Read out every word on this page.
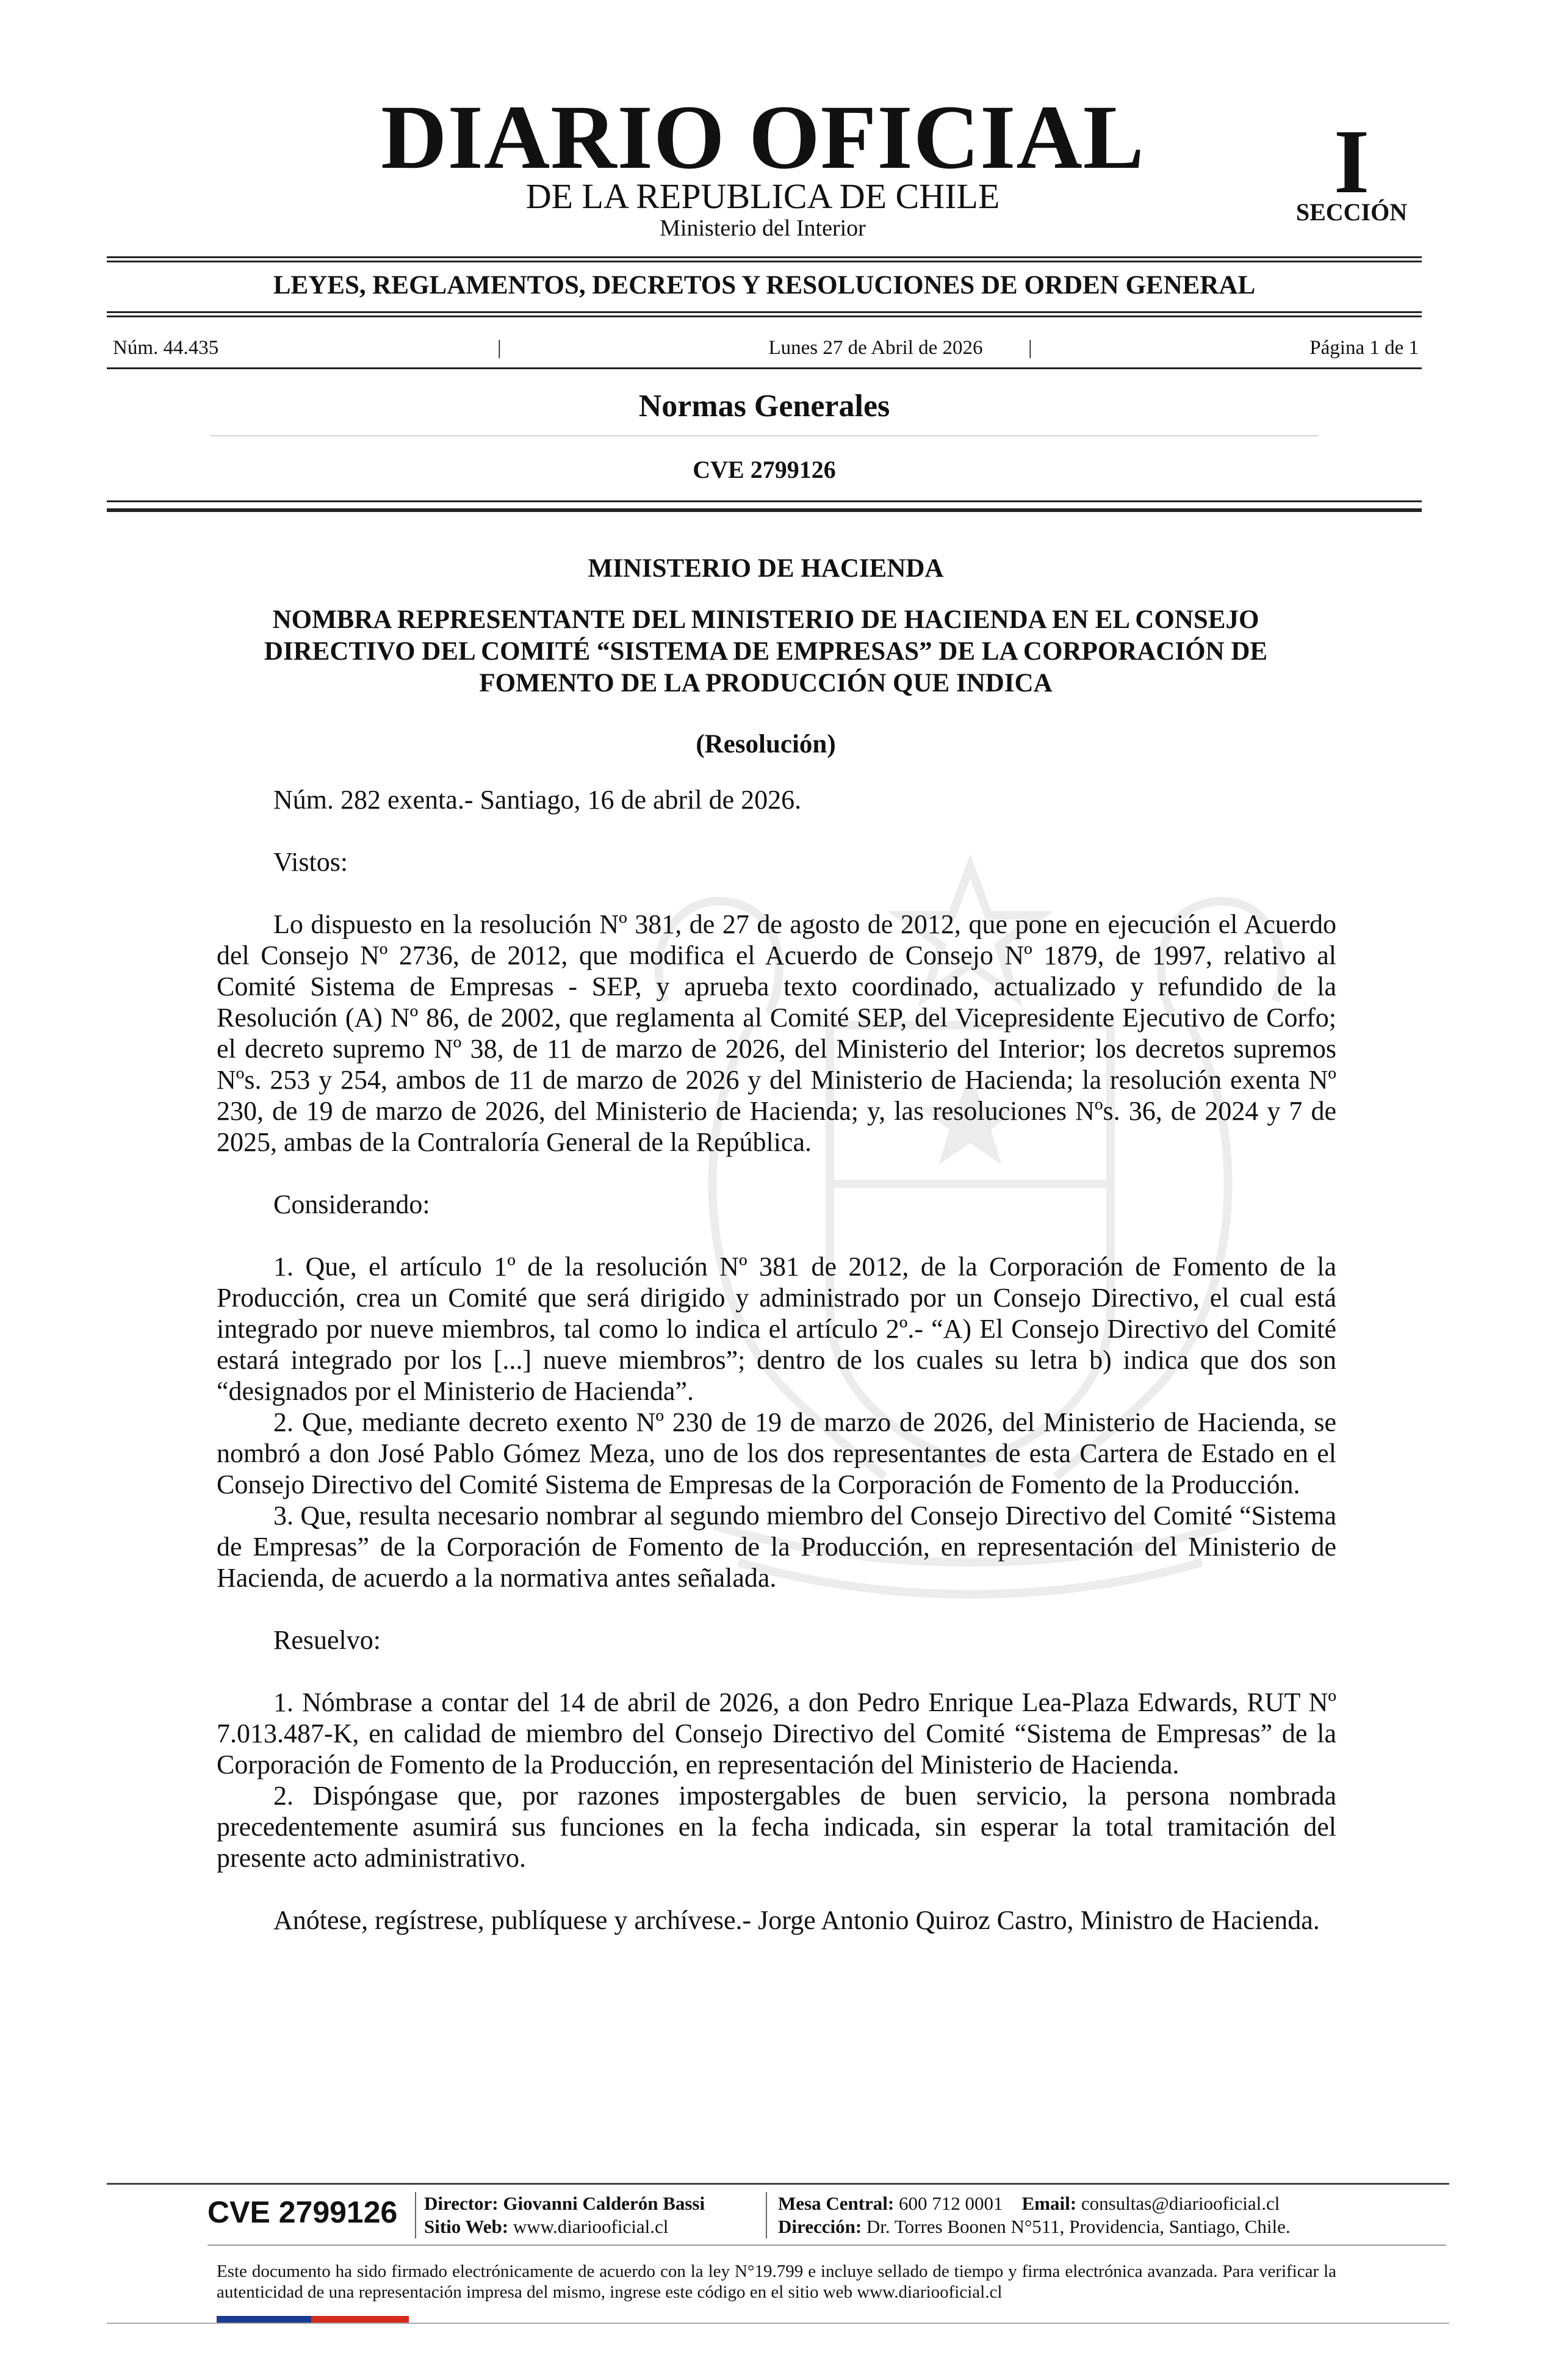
DIARIO OFICIAL
DE LA REPUBLICA DE CHILE
Ministerio del Interior
I
SECCIÓN
LEYES, REGLAMENTOS, DECRETOS Y RESOLUCIONES DE ORDEN GENERAL
Núm. 44.435	|	Lunes 27 de Abril de 2026	|	Página 1 de 1
Normas Generales
CVE 2799126
MINISTERIO DE HACIENDA
NOMBRA REPRESENTANTE DEL MINISTERIO DE HACIENDA EN EL CONSEJO
DIRECTIVO DEL COMITÉ “SISTEMA DE EMPRESAS” DE LA CORPORACIÓN DE
FOMENTO DE LA PRODUCCIÓN QUE INDICA
(Resolución)

Núm. 282 exenta.- Santiago, 16 de abril de 2026.

Vistos:

Lo dispuesto en la resolución Nº 381, de 27 de agosto de 2012, que pone en ejecución el Acuerdo del Consejo Nº 2736, de 2012, que modifica el Acuerdo de Consejo Nº 1879, de 1997, relativo al Comité Sistema de Empresas - SEP, y aprueba texto coordinado, actualizado y refundido de la Resolución (A) Nº 86, de 2002, que reglamenta al Comité SEP, del Vicepresidente Ejecutivo de Corfo; el decreto supremo Nº 38, de 11 de marzo de 2026, del Ministerio del Interior; los decretos supremos Nºs. 253 y 254, ambos de 11 de marzo de 2026 y del Ministerio de Hacienda; la resolución exenta Nº 230, de 19 de marzo de 2026, del Ministerio de Hacienda; y, las resoluciones Nºs. 36, de 2024 y 7 de 2025, ambas de la Contraloría General de la República.

Considerando:

1. Que, el artículo 1º de la resolución Nº 381 de 2012, de la Corporación de Fomento de la Producción, crea un Comité que será dirigido y administrado por un Consejo Directivo, el cual está integrado por nueve miembros, tal como lo indica el artículo 2º.- “A) El Consejo Directivo del Comité estará integrado por los [...] nueve miembros”; dentro de los cuales su letra b) indica que dos son “designados por el Ministerio de Hacienda”.

2. Que, mediante decreto exento Nº 230 de 19 de marzo de 2026, del Ministerio de Hacienda, se nombró a don José Pablo Gómez Meza, uno de los dos representantes de esta Cartera de Estado en el Consejo Directivo del Comité Sistema de Empresas de la Corporación de Fomento de la Producción.

3. Que, resulta necesario nombrar al segundo miembro del Consejo Directivo del Comité “Sistema de Empresas” de la Corporación de Fomento de la Producción, en representación del Ministerio de Hacienda, de acuerdo a la normativa antes señalada.

Resuelvo:

1. Nómbrase a contar del 14 de abril de 2026, a don Pedro Enrique Lea-Plaza Edwards, RUT Nº 7.013.487-K, en calidad de miembro del Consejo Directivo del Comité “Sistema de Empresas” de la Corporación de Fomento de la Producción, en representación del Ministerio de Hacienda.

2. Dispóngase que, por razones impostergables de buen servicio, la persona nombrada precedentemente asumirá sus funciones en la fecha indicada, sin esperar la total tramitación del presente acto administrativo.

Anótese, regístrese, publíquese y archívese.- Jorge Antonio Quiroz Castro, Ministro de Hacienda.

CVE 2799126 Director: Giovanni Calderón Bassi
Sitio Web: www.diariooficial.cl
Mesa Central: 600 712 0001 Email: consultas@diariooficial.cl
Dirección: Dr. Torres Boonen N°511, Providencia, Santiago, Chile.
Este documento ha sido firmado electrónicamente de acuerdo con la ley N°19.799 e incluye sellado de tiempo y firma electrónica avanzada. Para verificar la autenticidad de una representación impresa del mismo, ingrese este código en el sitio web www.diariooficial.cl
